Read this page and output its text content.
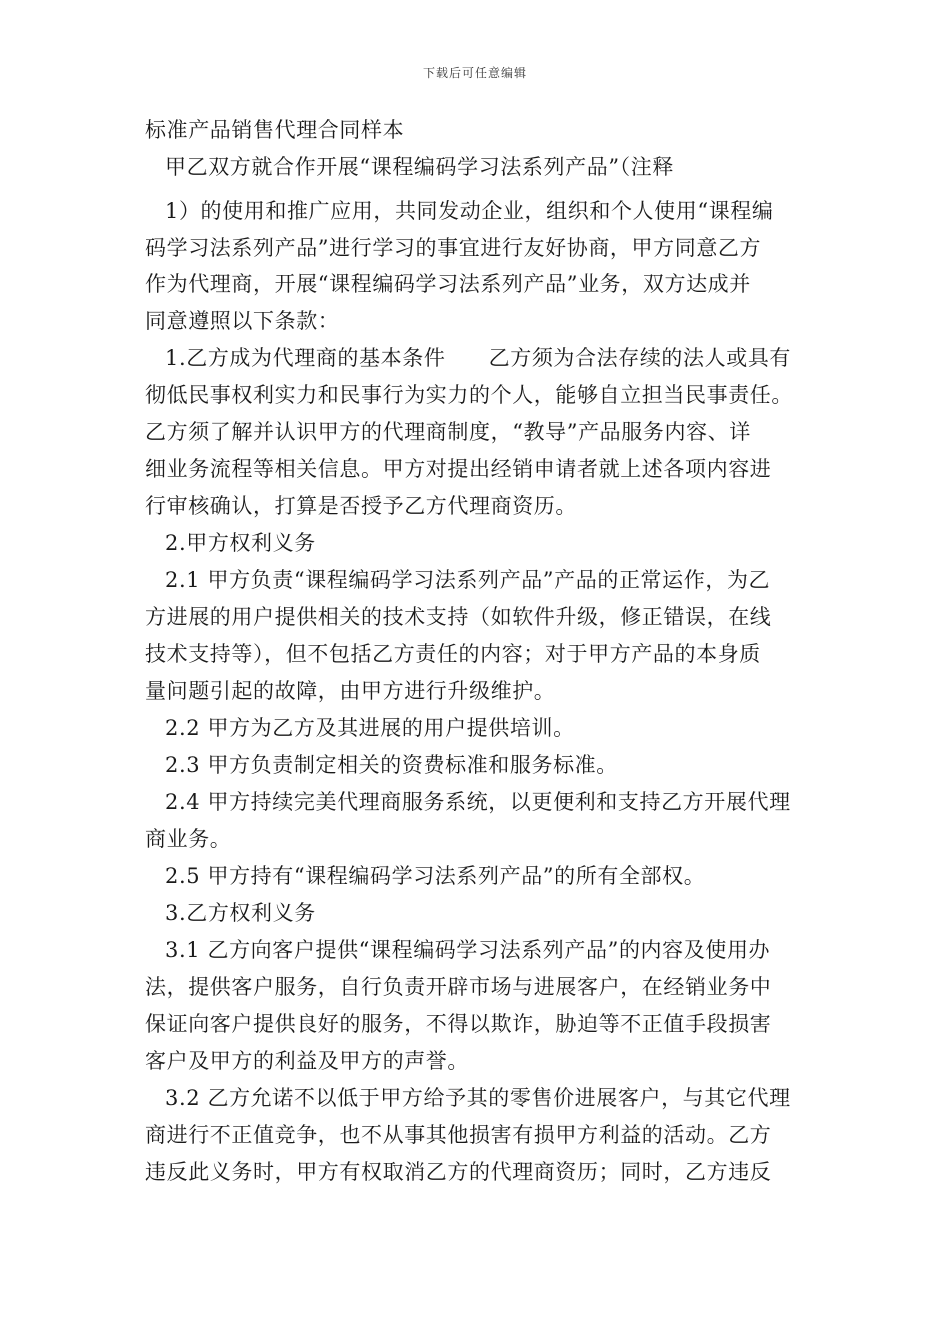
下载后可任意编辑
标准产品销售代理合同样本
甲乙双方就合作开展“课程编码学习法系列产品”（注释
1）的使用和推广应用，共同发动企业，组织和个人使用“课程编
码学习法系列产品”进行学习的事宜进行友好协商，甲方同意乙方
作为代理商，开展“课程编码学习法系列产品”业务，双方达成并
同意遵照以下条款：
1.乙方成为代理商的基本条件　　乙方须为合法存续的法人或具有
彻低民事权利实力和民事行为实力的个人，能够自立担当民事责任。
乙方须了解并认识甲方的代理商制度，“教导”产品服务内容、详
细业务流程等相关信息。甲方对提出经销申请者就上述各项内容进
行审核确认，打算是否授予乙方代理商资历。
2.甲方权利义务
2.1 甲方负责“课程编码学习法系列产品”产品的正常运作，为乙
方进展的用户提供相关的技术支持（如软件升级，修正错误，在线
技术支持等），但不包括乙方责任的内容；对于甲方产品的本身质
量问题引起的故障，由甲方进行升级维护。
2.2 甲方为乙方及其进展的用户提供培训。
2.3 甲方负责制定相关的资费标准和服务标准。
2.4 甲方持续完美代理商服务系统，以更便利和支持乙方开展代理
商业务。
2.5 甲方持有“课程编码学习法系列产品”的所有全部权。
3.乙方权利义务
3.1 乙方向客户提供“课程编码学习法系列产品”的内容及使用办
法，提供客户服务，自行负责开辟市场与进展客户，在经销业务中
保证向客户提供良好的服务，不得以欺诈，胁迫等不正值手段损害
客户及甲方的利益及甲方的声誉。
3.2 乙方允诺不以低于甲方给予其的零售价进展客户，与其它代理
商进行不正值竞争，也不从事其他损害有损甲方利益的活动。乙方
违反此义务时，甲方有权取消乙方的代理商资历；同时，乙方违反
